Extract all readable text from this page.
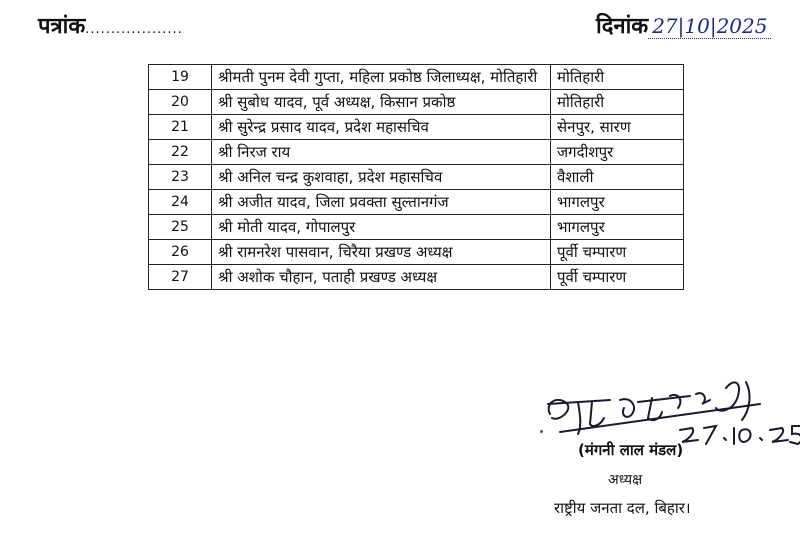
पत्रांक...................	दिनांक 27|10|2025
19	श्रीमती पुनम देवी गुप्ता, महिला प्रकोष्ठ जिलाध्यक्ष, मोतिहारी	मोतिहारी
20	श्री सुबोध यादव, पूर्व अध्यक्ष, किसान प्रकोष्ठ	मोतिहारी
21	श्री सुरेन्द्र प्रसाद यादव, प्रदेश महासचिव	सेनपुर, सारण
22	श्री निरज राय	जगदीशपुर
23	श्री अनिल चन्द्र कुशवाहा, प्रदेश महासचिव	वैशाली
24	श्री अजीत यादव, जिला प्रवक्ता सुल्तानगंज	भागलपुर
25	श्री मोती यादव, गोपालपुर	भागलपुर
26	श्री रामनरेश पासवान, चिरैया प्रखण्ड अध्यक्ष	पूर्वी चम्पारण
27	श्री अशोक चौहान, पताही प्रखण्ड अध्यक्ष	पूर्वी चम्पारण
(मंगनी लाल मंडल)
अध्यक्ष
राष्ट्रीय जनता दल, बिहार।
